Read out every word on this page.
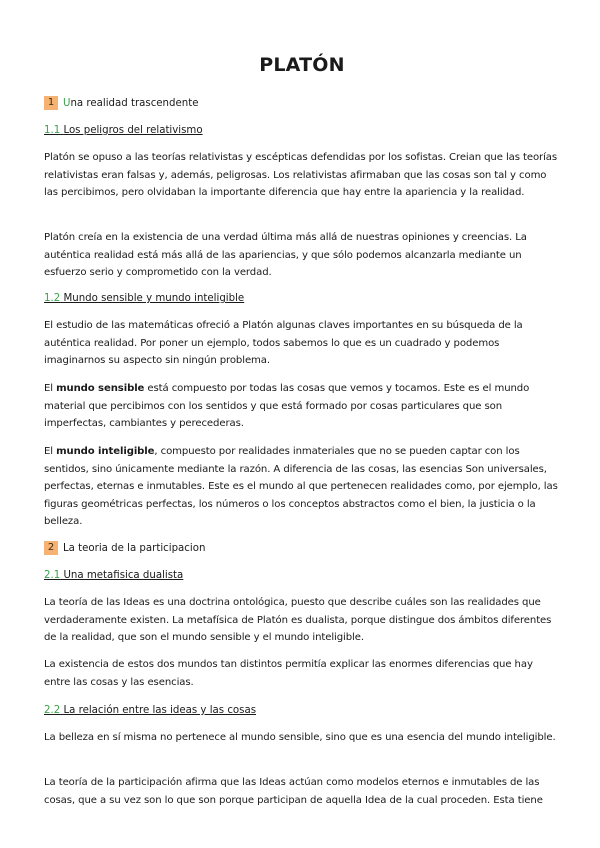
PLATÓN
1 U na realidad trascendente
1.1 Los peligros del relativismo
Platón se opuso a las teorías relativistas y escépticas defendidas por los sofistas. Creian que las teorías relativistas eran falsas y, además, peligrosas. Los relativistas afirmaban que las cosas son tal y como las percibimos, pero olvidaban la importante diferencia que hay entre la apariencia y la realidad.
Platón creía en la existencia de una verdad última más allá de nuestras opiniones y creencias. La auténtica realidad está más allá de las apariencias, y que sólo podemos alcanzarla mediante un esfuerzo serio y comprometido con la verdad.
1.2 Mundo sensible y mundo inteligible
El estudio de las matemáticas ofreció a Platón algunas claves importantes en su búsqueda de la auténtica realidad. Por poner un ejemplo, todos sabemos lo que es un cuadrado y podemos imaginarnos su aspecto sin ningún problema.
El mundo sensible está compuesto por todas las cosas que vemos y tocamos. Este es el mundo material que percibimos con los sentidos y que está formado por cosas particulares que son imperfectas, cambiantes y perecederas.
El mundo inteligible, compuesto por realidades inmateriales que no se pueden captar con los sentidos, sino únicamente mediante la razón. A diferencia de las cosas, las esencias Son universales, perfectas, eternas e inmutables. Este es el mundo al que pertenecen realidades como, por ejemplo, las figuras geométricas perfectas, los números o los conceptos abstractos como el bien, la justicia o la belleza.
2 La teoria de la participacion
2.1 Una metafisica dualista
La teoría de las Ideas es una doctrina ontológica, puesto que describe cuáles son las realidades que verdaderamente existen. La metafísica de Platón es dualista, porque distingue dos ámbitos diferentes de la realidad, que son el mundo sensible y el mundo inteligible.
La existencia de estos dos mundos tan distintos permitía explicar las enormes diferencias que hay entre las cosas y las esencias.
2.2 La relación entre las ideas y las cosas
La belleza en sí misma no pertenece al mundo sensible, sino que es una esencia del mundo inteligible.
La teoría de la participación afirma que las Ideas actúan como modelos eternos e inmutables de las cosas, que a su vez son lo que son porque participan de aquella Idea de la cual proceden. Esta tiene
